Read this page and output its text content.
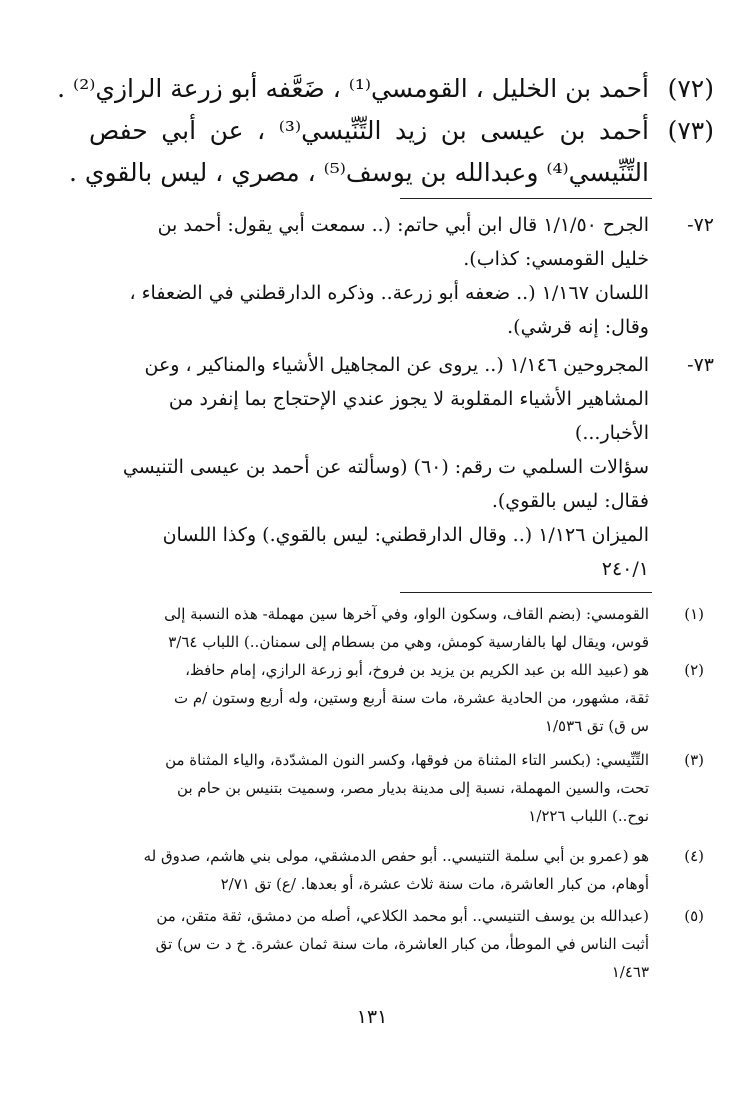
(٧٢)
أحمد بن الخليل ، القومسي⁽¹⁾ ، ضَعَّفه أبو زرعة الرازي⁽²⁾ .
(٧٣)
أحمد بن عيسى بن زيد التِّنِّيسي⁽³⁾ ، عن أبي حفص
التِّنِّيسي⁽⁴⁾ وعبدالله بن يوسف⁽⁵⁾ ، مصري ، ليس بالقوي .
٧٢-
الجرح ١/١/٥٠ قال ابن أبي حاتم: (.. سمعت أبي يقول: أحمد بن
خليل القومسي: كذاب).
اللسان ١/١٦٧ (.. ضعفه أبو زرعة.. وذكره الدارقطني في الضعفاء ،
وقال: إنه قرشي).
٧٣-
المجروحين ١/١٤٦ (.. يروى عن المجاهيل الأشياء والمناكير ، وعن
المشاهير الأشياء المقلوبة لا يجوز عندي الإحتجاج بما إنفرد من
الأخبار...)
سؤالات السلمي ت رقم: (٦٠) (وسألته عن أحمد بن عيسى التنيسي
فقال: ليس بالقوي).
الميزان ١/١٢٦ (.. وقال الدارقطني: ليس بالقوي.) وكذا اللسان
٢٤٠/١
(١)
القومسي: (بضم القاف، وسكون الواو، وفي آخرها سين مهملة- هذه النسبة إلى
قوس، ويقال لها بالفارسية كومش، وهي من بسطام إلى سمنان..) اللباب ٣/٦٤
(٢)
هو (عبيد الله بن عبد الكريم بن يزيد بن فروخ، أبو زرعة الرازي، إمام حافظ،
ثقة، مشهور، من الحادية عشرة، مات سنة أربع وستين، وله أربع وستون /م ت
س ق) تق ١/٥٣٦
(٣)
التِّنِّيسي: (بكسر التاء المثناة من فوقها، وكسر النون المشدّدة، والياء المثناة من
تحت، والسين المهملة، نسبة إلى مدينة بديار مصر، وسميت بتنيس بن حام بن
نوح..) اللباب ١/٢٢٦
(٤)
هو (عمرو بن أبي سلمة التنيسي.. أبو حفص الدمشقي، مولى بني هاشم، صدوق له
أوهام، من كبار العاشرة، مات سنة ثلاث عشرة، أو بعدها. /ع) تق ٢/٧١
(٥)
(عبدالله بن يوسف التنيسي.. أبو محمد الكلاعي، أصله من دمشق، ثقة متقن، من
أثبت الناس في الموطأ، من كبار العاشرة، مات سنة ثمان عشرة. خ د ت س) تق
١/٤٦٣
١٣١
